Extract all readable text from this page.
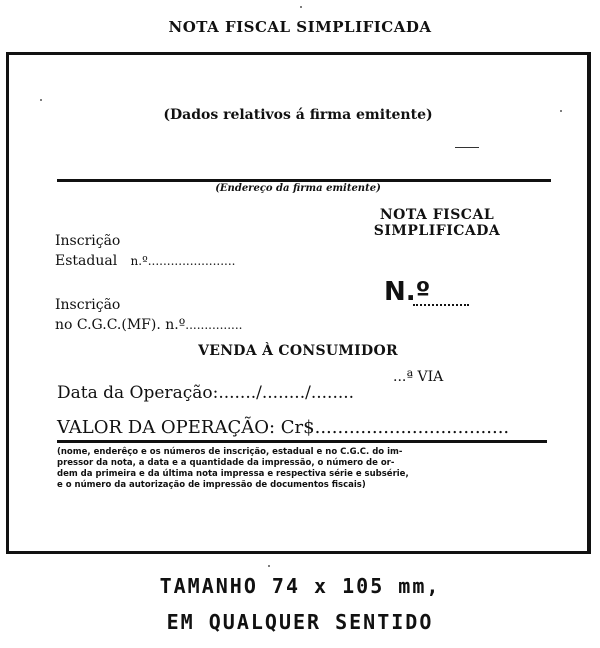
NOTA FISCAL SIMPLIFICADA
(Dados relativos á firma emitente)
(Endereço da firma emitente)
NOTA FISCAL
SIMPLIFICADA
Inscrição
Estadual n.º.......................
N.º
Inscrição
no C.G.C.(MF). n.º...............
VENDA À CONSUMIDOR
...ª VIA
Data da Operação:......./......../........
VALOR DA OPERAÇÃO: Cr$..................................
(nome, enderêço e os números de inscrição, estadual e no C.G.C. do im-
pressor da nota, a data e a quantidade da impressão, o número de or-
dem da primeira e da última nota impressa e respectiva série e subsérie,
e o número da autorização de impressão de documentos fiscais)
TAMANHO 74 x 105 mm,
EM QUALQUER SENTIDO
